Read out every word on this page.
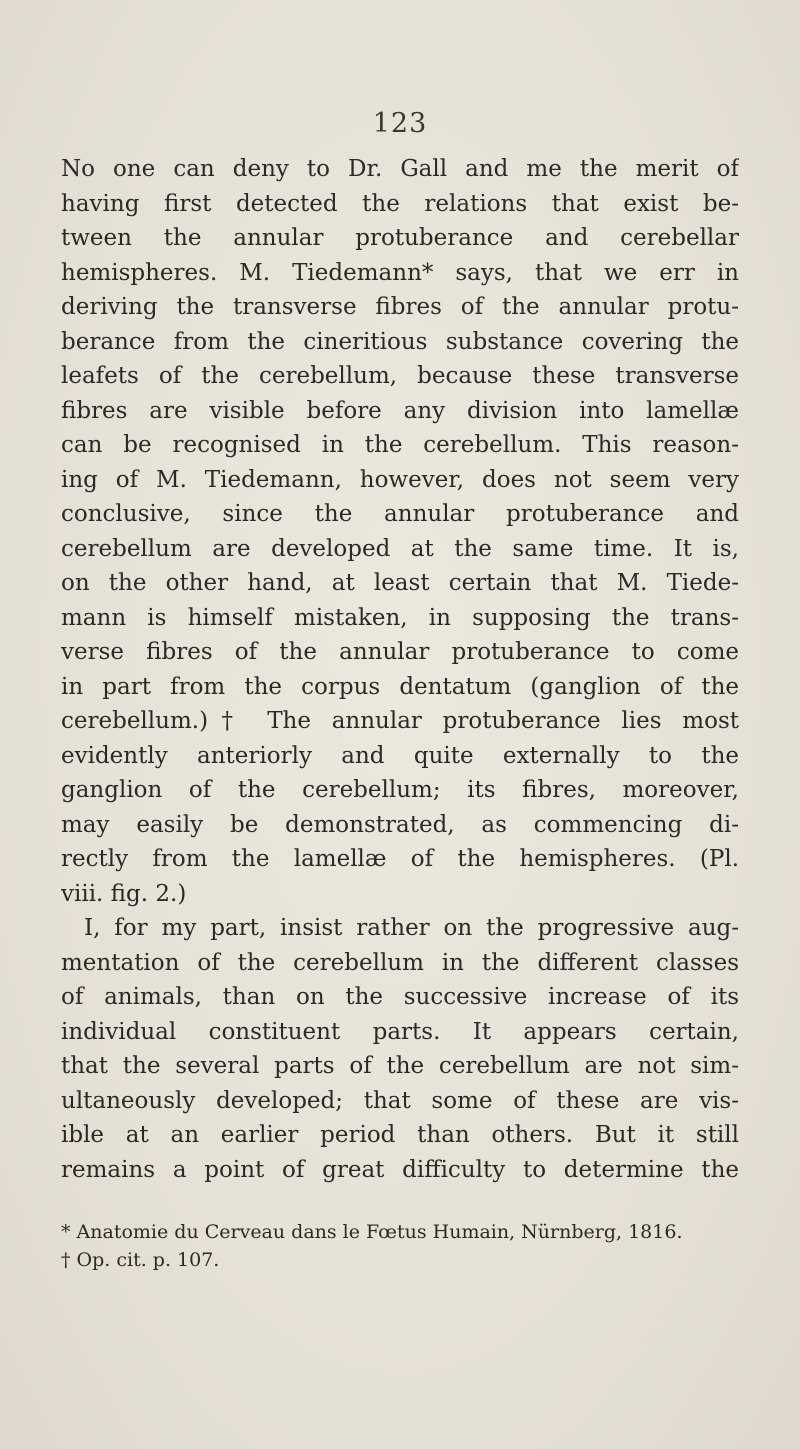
123
No one can deny to Dr. Gall and me the merit of
having first detected the relations that exist be-
tween the annular protuberance and cerebellar
hemispheres. M. Tiedemann* says, that we err in
deriving the transverse fibres of the annular protu-
berance from the cineritious substance covering the
leafets of the cerebellum, because these transverse
fibres are visible before any division into lamellæ
can be recognised in the cerebellum. This reason-
ing of M. Tiedemann, however, does not seem very
conclusive, since the annular protuberance and
cerebellum are developed at the same time. It is,
on the other hand, at least certain that M. Tiede-
mann is himself mistaken, in supposing the trans-
verse fibres of the annular protuberance to come
in part from the corpus dentatum (ganglion of the
cerebellum.)† The annular protuberance lies most
evidently anteriorly and quite externally to the
ganglion of the cerebellum; its fibres, moreover,
may easily be demonstrated, as commencing di-
rectly from the lamellæ of the hemispheres. (Pl.
viii. fig. 2.)
I, for my part, insist rather on the progressive aug-
mentation of the cerebellum in the different classes
of animals, than on the successive increase of its
individual constituent parts. It appears certain,
that the several parts of the cerebellum are not sim-
ultaneously developed; that some of these are vis-
ible at an earlier period than others. But it still
remains a point of great difficulty to determine the
* Anatomie du Cerveau dans le Fœtus Humain, Nürnberg, 1816.
† Op. cit. p. 107.
